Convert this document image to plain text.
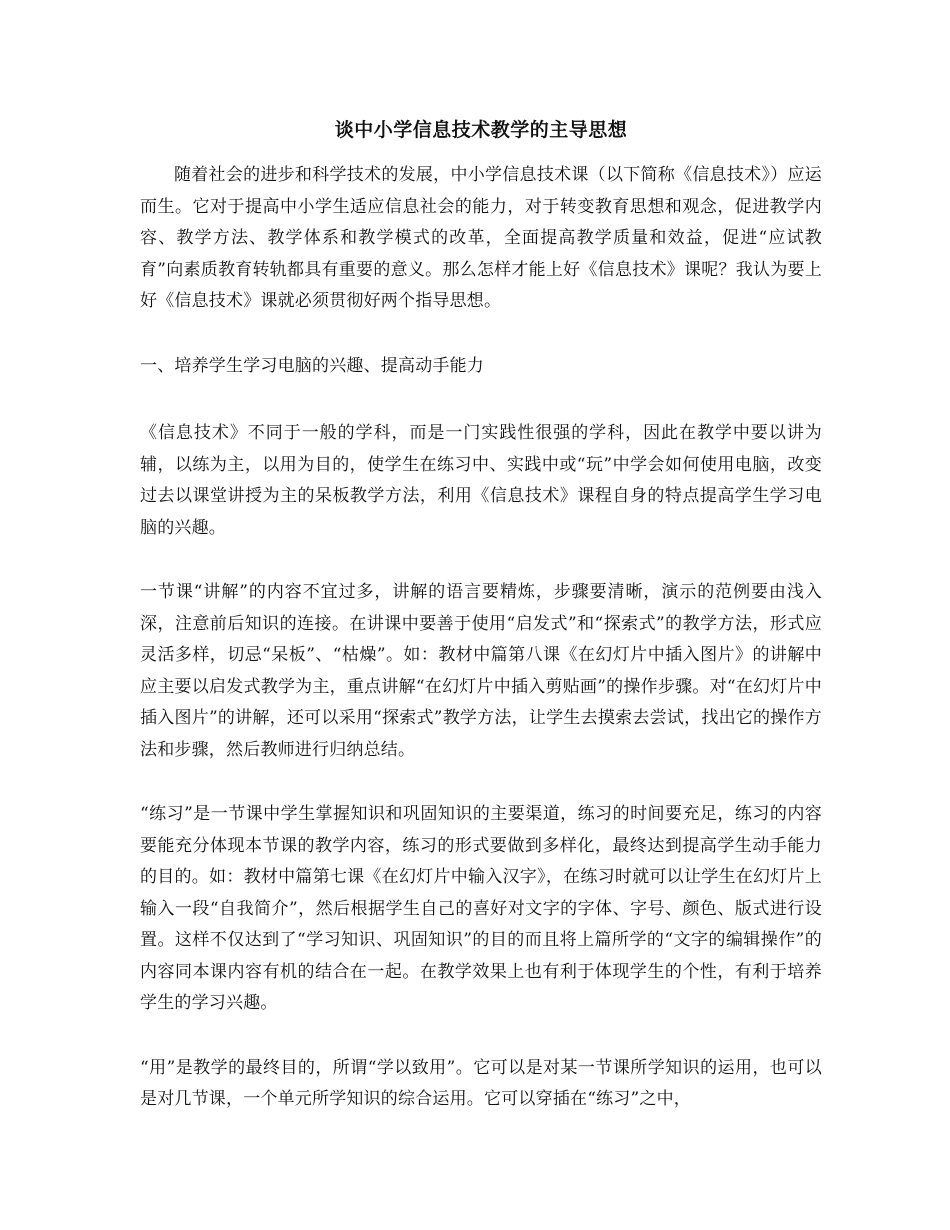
谈中小学信息技术教学的主导思想

随着社会的进步和科学技术的发展，中小学信息技术课（以下简称《信息技术》）应运而生。它对于提高中小学生适应信息社会的能力，对于转变教育思想和观念，促进教学内容、教学方法、教学体系和教学模式的改革，全面提高教学质量和效益，促进“应试教育”向素质教育转轨都具有重要的意义。那么怎样才能上好《信息技术》课呢？我认为要上好《信息技术》课就必须贯彻好两个指导思想。

一、培养学生学习电脑的兴趣、提高动手能力

《信息技术》不同于一般的学科，而是一门实践性很强的学科，因此在教学中要以讲为辅，以练为主，以用为目的，使学生在练习中、实践中或“玩”中学会如何使用电脑，改变过去以课堂讲授为主的呆板教学方法，利用《信息技术》课程自身的特点提高学生学习电脑的兴趣。

一节课“讲解”的内容不宜过多，讲解的语言要精炼，步骤要清晰，演示的范例要由浅入深，注意前后知识的连接。在讲课中要善于使用“启发式”和“探索式”的教学方法，形式应灵活多样，切忌“呆板”、“枯燥”。如：教材中篇第八课《在幻灯片中插入图片》的讲解中应主要以启发式教学为主，重点讲解“在幻灯片中插入剪贴画”的操作步骤。对“在幻灯片中插入图片”的讲解，还可以采用“探索式”教学方法，让学生去摸索去尝试，找出它的操作方法和步骤，然后教师进行归纳总结。

“练习”是一节课中学生掌握知识和巩固知识的主要渠道，练习的时间要充足，练习的内容要能充分体现本节课的教学内容，练习的形式要做到多样化，最终达到提高学生动手能力的目的。如：教材中篇第七课《在幻灯片中输入汉字》，在练习时就可以让学生在幻灯片上输入一段“自我简介”，然后根据学生自己的喜好对文字的字体、字号、颜色、版式进行设置。这样不仅达到了“学习知识、巩固知识”的目的而且将上篇所学的“文字的编辑操作”的内容同本课内容有机的结合在一起。在教学效果上也有利于体现学生的个性，有利于培养学生的学习兴趣。

“用”是教学的最终目的，所谓“学以致用”。它可以是对某一节课所学知识的运用，也可以是对几节课，一个单元所学知识的综合运用。它可以穿插在“练习”之中，
